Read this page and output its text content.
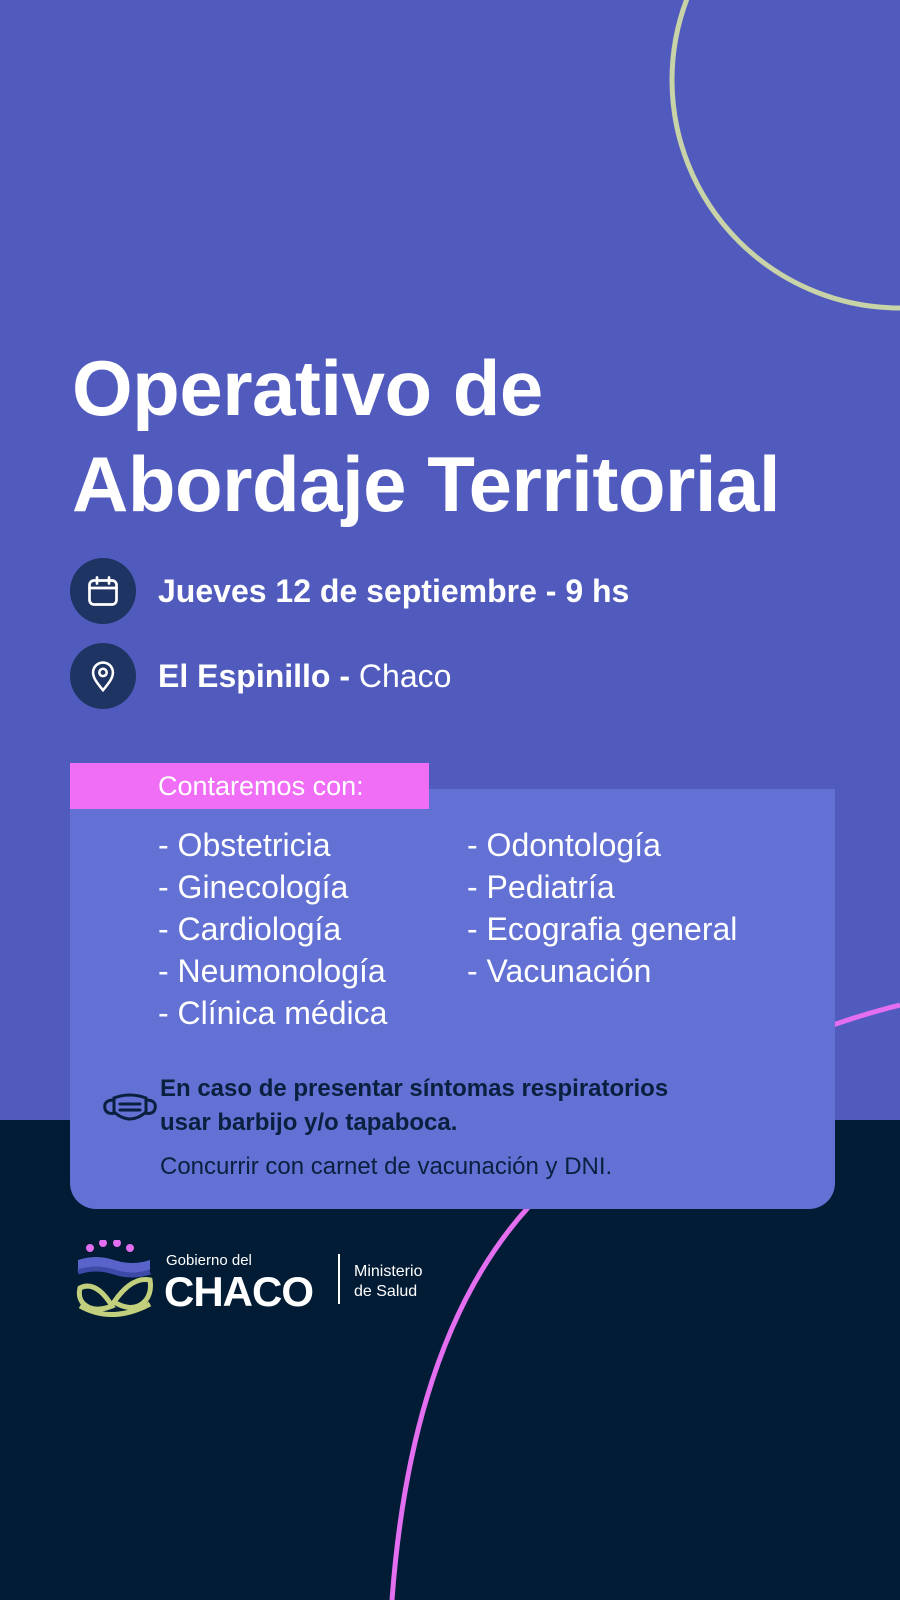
Operativo de
Abordaje Territorial
Jueves 12 de septiembre - 9 hs
El Espinillo - Chaco
Contaremos con:
- Obstetricia
- Ginecología
- Cardiología
- Neumonología
- Clínica médica
- Odontología
- Pediatría
- Ecografia general
- Vacunación
En caso de presentar síntomas respiratorios
usar barbijo y/o tapaboca.
Concurrir con carnet de vacunación y DNI.
Gobierno del
CHACO	Ministerio
de Salud
